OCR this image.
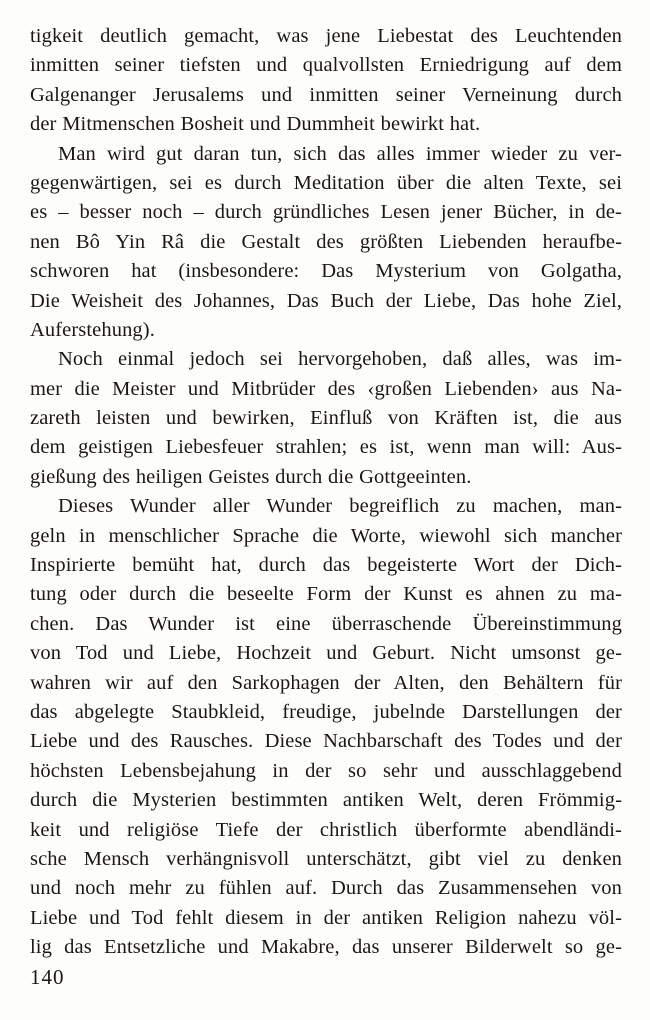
tigkeit deutlich gemacht, was jene Liebestat des Leuchtenden
inmitten seiner tiefsten und qualvollsten Erniedrigung auf dem
Galgenanger Jerusalems und inmitten seiner Verneinung durch
der Mitmenschen Bosheit und Dummheit bewirkt hat.
Man wird gut daran tun, sich das alles immer wieder zu ver-
gegenwärtigen, sei es durch Meditation über die alten Texte, sei
es – besser noch – durch gründliches Lesen jener Bücher, in de-
nen Bô Yin Râ die Gestalt des größten Liebenden heraufbe-
schworen hat (insbesondere: Das Mysterium von Golgatha,
Die Weisheit des Johannes, Das Buch der Liebe, Das hohe Ziel,
Auferstehung).
Noch einmal jedoch sei hervorgehoben, daß alles, was im-
mer die Meister und Mitbrüder des ‹großen Liebenden› aus Na-
zareth leisten und bewirken, Einfluß von Kräften ist, die aus
dem geistigen Liebesfeuer strahlen; es ist, wenn man will: Aus-
gießung des heiligen Geistes durch die Gottgeeinten.
Dieses Wunder aller Wunder begreiflich zu machen, man-
geln in menschlicher Sprache die Worte, wiewohl sich mancher
Inspirierte bemüht hat, durch das begeisterte Wort der Dich-
tung oder durch die beseelte Form der Kunst es ahnen zu ma-
chen. Das Wunder ist eine überraschende Übereinstimmung
von Tod und Liebe, Hochzeit und Geburt. Nicht umsonst ge-
wahren wir auf den Sarkophagen der Alten, den Behältern für
das abgelegte Staubkleid, freudige, jubelnde Darstellungen der
Liebe und des Rausches. Diese Nachbarschaft des Todes und der
höchsten Lebensbejahung in der so sehr und ausschlaggebend
durch die Mysterien bestimmten antiken Welt, deren Frömmig-
keit und religiöse Tiefe der christlich überformte abendländi-
sche Mensch verhängnisvoll unterschätzt, gibt viel zu denken
und noch mehr zu fühlen auf. Durch das Zusammensehen von
Liebe und Tod fehlt diesem in der antiken Religion nahezu völ-
lig das Entsetzliche und Makabre, das unserer Bilderwelt so ge-
140
